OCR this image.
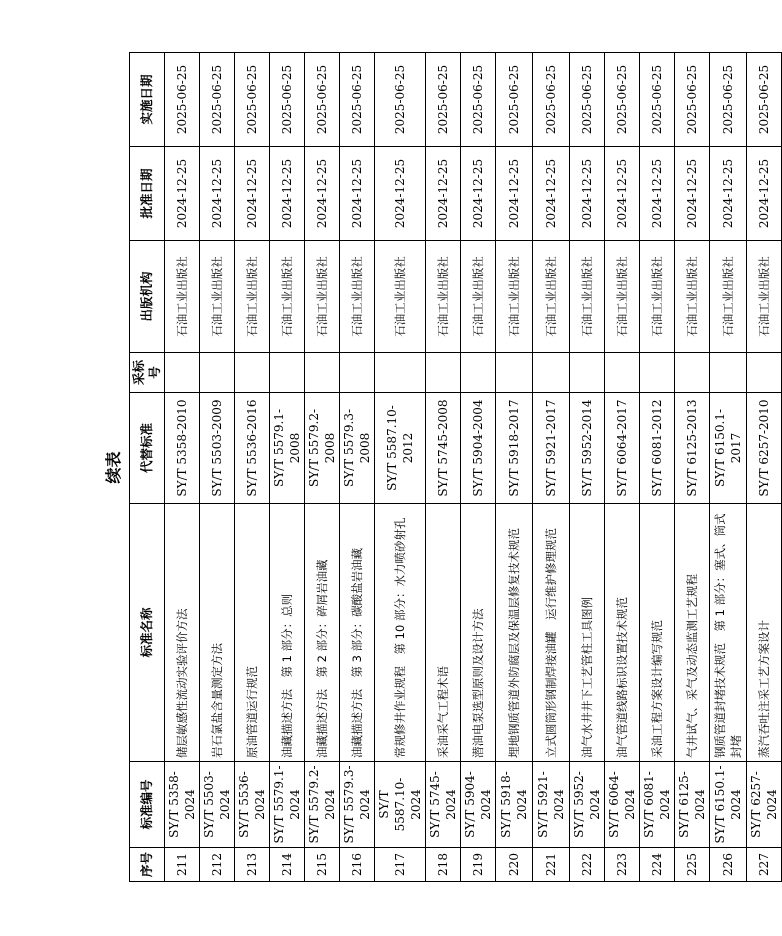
续表
序号	标准编号	标准名称	代替标准	采标号	出版机构	批准日期	实施日期
211	SY/T 5358-2024	储层敏感性流动实验评价方法	SY/T 5358-2010		石油工业出版社	2024-12-25	2025-06-25
212	SY/T 5503-2024	岩石氯盐含量测定方法	SY/T 5503-2009		石油工业出版社	2024-12-25	2025-06-25
213	SY/T 5536-2024	原油管道运行规范	SY/T 5536-2016		石油工业出版社	2024-12-25	2025-06-25
214	SY/T 5579.1-2024	油藏描述方法　第 1 部分：总则	SY/T 5579.1-2008		石油工业出版社	2024-12-25	2025-06-25
215	SY/T 5579.2-2024	油藏描述方法　第 2 部分：碎屑岩油藏	SY/T 5579.2-2008		石油工业出版社	2024-12-25	2025-06-25
216	SY/T 5579.3-2024	油藏描述方法　第 3 部分：碳酸盐岩油藏	SY/T 5579.3-2008		石油工业出版社	2024-12-25	2025-06-25
217	SY/T 5587.10-2024	常规修井作业规程　第 10 部分：水力喷砂射孔	SY/T 5587.10-2012		石油工业出版社	2024-12-25	2025-06-25
218	SY/T 5745-2024	采油采气工程术语	SY/T 5745-2008		石油工业出版社	2024-12-25	2025-06-25
219	SY/T 5904-2024	潜油电泵选型原则及设计方法	SY/T 5904-2004		石油工业出版社	2024-12-25	2025-06-25
220	SY/T 5918-2024	埋地钢质管道外防腐层及保温层修复技术规范	SY/T 5918-2017		石油工业出版社	2024-12-25	2025-06-25
221	SY/T 5921-2024	立式圆筒形钢制焊接油罐　运行维护修理规范	SY/T 5921-2017		石油工业出版社	2024-12-25	2025-06-25
222	SY/T 5952-2024	油气水井井下工艺管柱工具图例	SY/T 5952-2014		石油工业出版社	2024-12-25	2025-06-25
223	SY/T 6064-2024	油气管道线路标识设置技术规范	SY/T 6064-2017		石油工业出版社	2024-12-25	2025-06-25
224	SY/T 6081-2024	采油工程方案设计编写规范	SY/T 6081-2012		石油工业出版社	2024-12-25	2025-06-25
225	SY/T 6125-2024	气井试气、采气及动态监测工艺规程	SY/T 6125-2013		石油工业出版社	2024-12-25	2025-06-25
226	SY/T 6150.1-2024	钢质管道封堵技术规范　第 1 部分：塞式、筒式封堵	SY/T 6150.1-2017		石油工业出版社	2024-12-25	2025-06-25
227	SY/T 6257-2024	蒸汽吞吐注采工艺方案设计	SY/T 6257-2010		石油工业出版社	2024-12-25	2025-06-25
